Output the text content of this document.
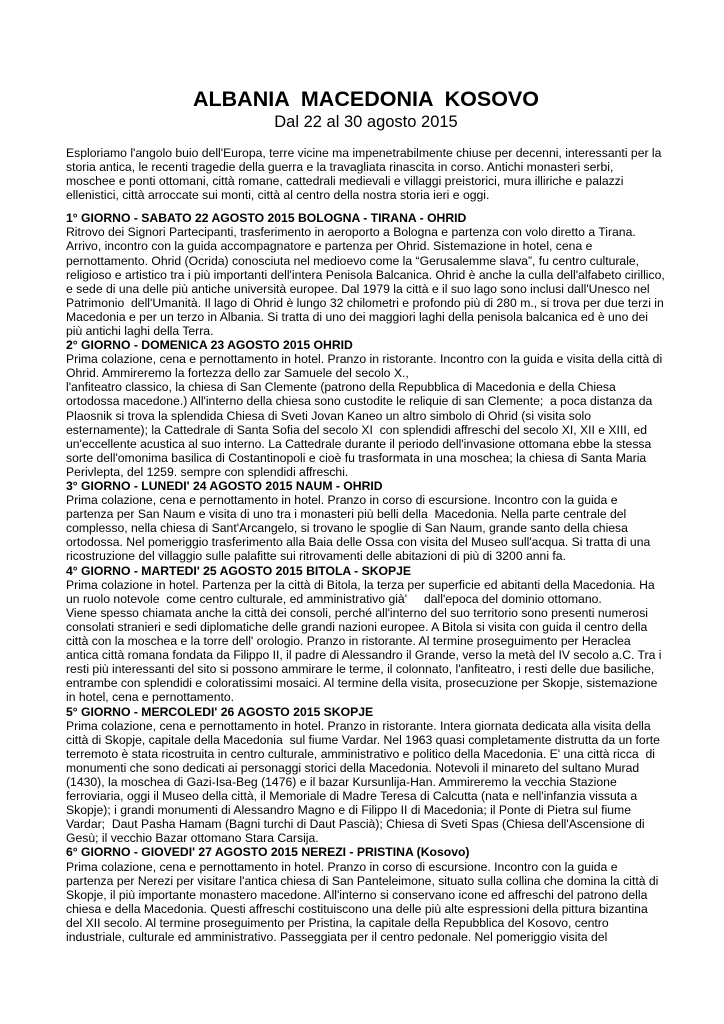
ALBANIA  MACEDONIA  KOSOVO
Dal 22 al 30 agosto 2015

Esploriamo l'angolo buio dell'Europa, terre vicine ma impenetrabilmente chiuse per decenni, interessanti per la storia antica, le recenti tragedie della guerra e la travagliata rinascita in corso. Antichi monasteri serbi, moschee e ponti ottomani, città romane, cattedrali medievali e villaggi preistorici, mura illiriche e palazzi ellenistici, città arroccate sui monti, città al centro della nostra storia ieri e oggi.

1° GIORNO - SABATO 22 AGOSTO 2015 BOLOGNA - TIRANA - OHRID

Ritrovo dei Signori Partecipanti, trasferimento in aeroporto a Bologna e partenza con volo diretto a Tirana. Arrivo, incontro con la guida accompagnatore e partenza per Ohrid. Sistemazione in hotel, cena e pernottamento. Ohrid (Ocrida) conosciuta nel medioevo come la “Gerusalemme slava”, fu centro culturale, religioso e artistico tra i più importanti dell'intera Penisola Balcanica. Ohrid è anche la culla dell'alfabeto cirillico, e sede di una delle più antiche università europee. Dal 1979 la città e il suo lago sono inclusi dall'Unesco nel Patrimonio  dell'Umanità. Il lago di Ohrid è lungo 32 chilometri e profondo più di 280 m., si trova per due terzi in Macedonia e per un terzo in Albania. Si tratta di uno dei maggiori laghi della penisola balcanica ed è uno dei più antichi laghi della Terra.

2° GIORNO - DOMENICA 23 AGOSTO 2015 OHRID

Prima colazione, cena e pernottamento in hotel. Pranzo in ristorante. Incontro con la guida e visita della città di Ohrid. Ammireremo la fortezza dello zar Samuele del secolo X.,

l'anfiteatro classico, la chiesa di San Clemente (patrono della Repubblica di Macedonia e della Chiesa ortodossa macedone.) All'interno della chiesa sono custodite le reliquie di san Clemente;  a poca distanza da Plaosnik si trova la splendida Chiesa di Sveti Jovan Kaneo un altro simbolo di Ohrid (si visita solo esternamente); la Cattedrale di Santa Sofia del secolo XI  con splendidi affreschi del secolo XI, XII e XIII, ed un'eccellente acustica al suo interno. La Cattedrale durante il periodo dell'invasione ottomana ebbe la stessa sorte dell'omonima basilica di Costantinopoli e cioè fu trasformata in una moschea; la chiesa di Santa Maria Perivlepta, del 1259. sempre con splendidi affreschi.

3° GIORNO - LUNEDI' 24 AGOSTO 2015 NAUM - OHRID

Prima colazione, cena e pernottamento in hotel. Pranzo in corso di escursione. Incontro con la guida e partenza per San Naum e visita di uno tra i monasteri più belli della  Macedonia. Nella parte centrale del complesso, nella chiesa di Sant'Arcangelo, si trovano le spoglie di San Naum, grande santo della chiesa ortodossa. Nel pomeriggio trasferimento alla Baia delle Ossa con visita del Museo sull'acqua. Si tratta di una ricostruzione del villaggio sulle palafitte sui ritrovamenti delle abitazioni di più di 3200 anni fa.

4° GIORNO - MARTEDI' 25 AGOSTO 2015 BITOLA - SKOPJE

Prima colazione in hotel. Partenza per la città di Bitola, la terza per superficie ed abitanti della Macedonia. Ha un ruolo notevole  come centro culturale, ed amministrativo già'     dall'epoca del dominio ottomano.

Viene spesso chiamata anche la città dei consoli, perché all'interno del suo territorio sono presenti numerosi consolati stranieri e sedi diplomatiche delle grandi nazioni europee. A Bitola si visita con guida il centro della città con la moschea e la torre dell' orologio. Pranzo in ristorante. Al termine proseguimento per Heraclea antica città romana fondata da Filippo II, il padre di Alessandro il Grande, verso la metà del IV secolo a.C. Tra i resti più interessanti del sito si possono ammirare le terme, il colonnato, l'anfiteatro, i resti delle due basiliche, entrambe con splendidi e coloratissimi mosaici. Al termine della visita, prosecuzione per Skopje, sistemazione in hotel, cena e pernottamento.

5° GIORNO - MERCOLEDI' 26 AGOSTO 2015 SKOPJE

Prima colazione, cena e pernottamento in hotel. Pranzo in ristorante. Intera giornata dedicata alla visita della città di Skopje, capitale della Macedonia  sul fiume Vardar. Nel 1963 quasi completamente distrutta da un forte terremoto è stata ricostruita in centro culturale, amministrativo e politico della Macedonia. E' una città ricca  di monumenti che sono dedicati ai personaggi storici della Macedonia. Notevoli il minareto del sultano Murad (1430), la moschea di Gazi-Isa-Beg (1476) e il bazar Kursunlija-Han. Ammireremo la vecchia Stazione ferroviaria, oggi il Museo della città, il Memoriale di Madre Teresa di Calcutta (nata e nell'infanzia vissuta a Skopje); i grandi monumenti di Alessandro Magno e di Filippo II di Macedonia; il Ponte di Pietra sul fiume Vardar;  Daut Pasha Hamam (Bagni turchi di Daut Pascià); Chiesa di Sveti Spas (Chiesa dell'Ascensione di Gesù; il vecchio Bazar ottomano Stara Carsija.

6° GIORNO - GIOVEDI' 27 AGOSTO 2015 NEREZI - PRISTINA (Kosovo)

Prima colazione, cena e pernottamento in hotel. Pranzo in corso di escursione. Incontro con la guida e partenza per Nerezi per visitare l'antica chiesa di San Panteleimone, situato sulla collina che domina la città di Skopje, il più importante monastero macedone. All'interno si conservano icone ed affreschi del patrono della chiesa e della Macedonia. Questi affreschi costituiscono una delle più alte espressioni della pittura bizantina del XII secolo. Al termine proseguimento per Pristina, la capitale della Repubblica del Kosovo, centro industriale, culturale ed amministrativo. Passeggiata per il centro pedonale. Nel pomeriggio visita del
